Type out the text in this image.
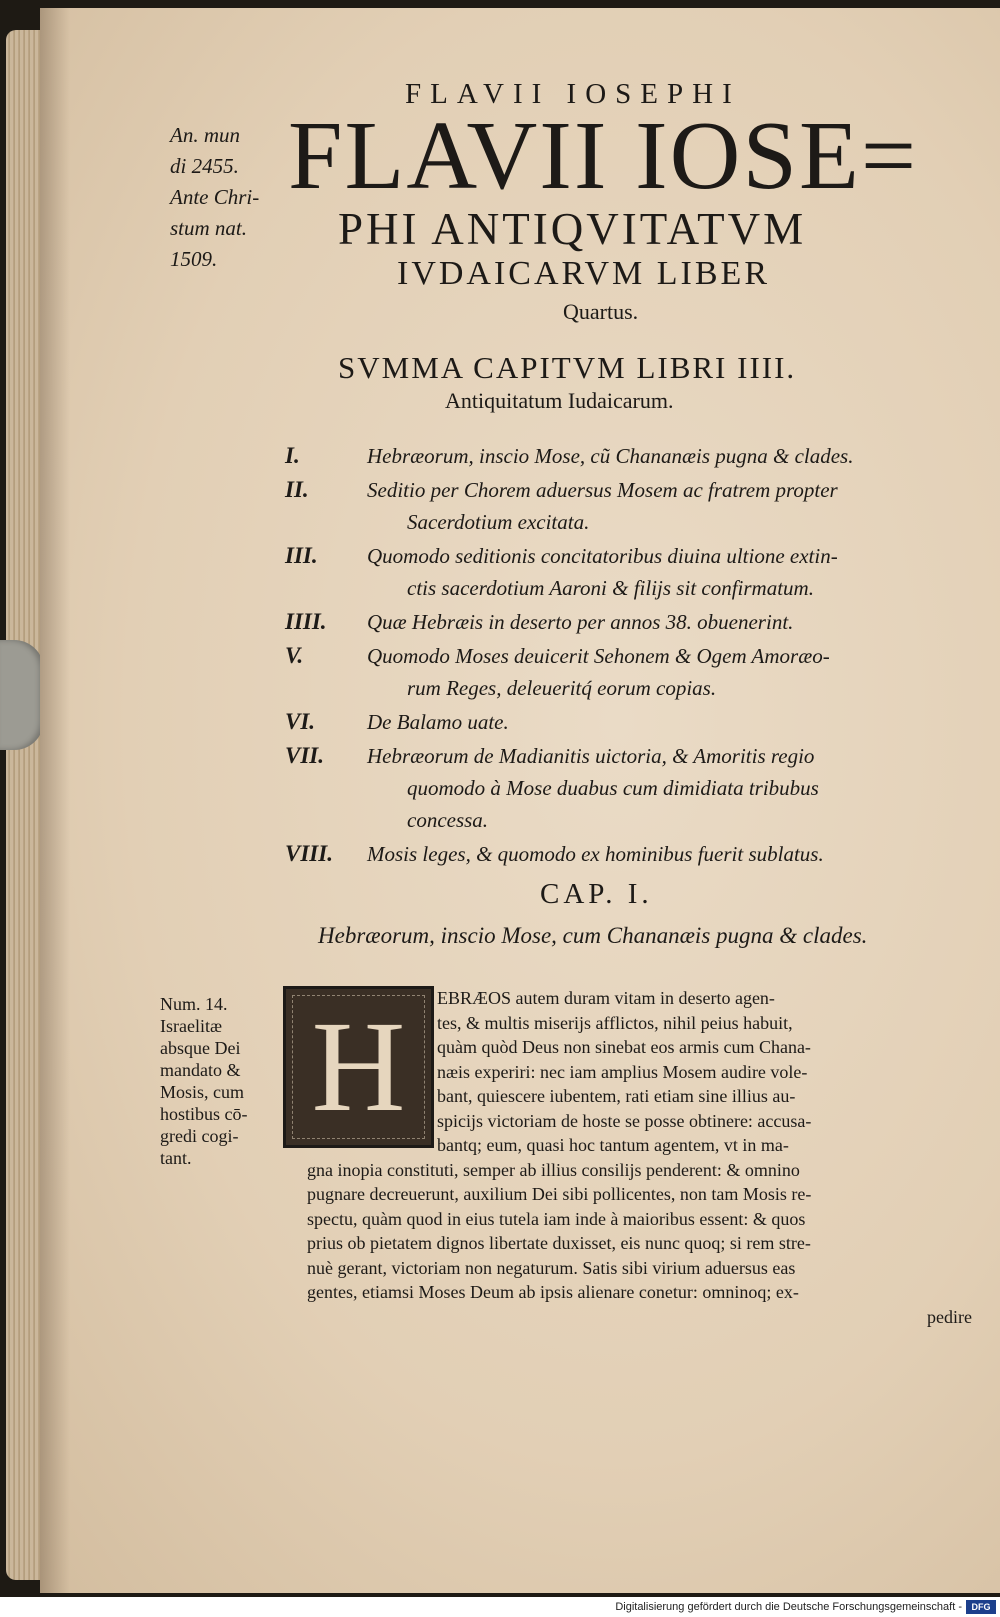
FLAVII IOSEPHI
An. mun
di 2455.
Ante Chri-
stum nat.
1509.
FLAVII IOSE=
PHI ANTIQVITATVM
IVDAICARVM LIBER
Quartus.
SVMMA CAPITVM LIBRI IIII.
Antiquitatum Iudaicarum.
I.	Hebræorum, inscio Mose, cũ Chananæis pugna & clades.
II.	Seditio per Chorem aduersus Mosem ac fratrem propter
Sacerdotium excitata.
III.	Quomodo seditionis concitatoribus diuina ultione extin-
ctis sacerdotium Aaroni & filijs sit confirmatum.
IIII.	Quæ Hebræis in deserto per annos 38. obuenerint.
V.	Quomodo Moses deuicerit Sehonem & Ogem Amoræo-
rum Reges, deleueritq́ eorum copias.
VI.	De Balamo uate.
VII.	Hebræorum de Madianitis uictoria, & Amoritis regio
quomodo à Mose duabus cum dimidiata tribubus
concessa.
VIII.	Mosis leges, & quomodo ex hominibus fuerit sublatus.
CAP. I.
Hebræorum, inscio Mose, cum Chananæis pugna & clades.
Num. 14.
Israelitæ
absque Dei
mandato &
Mosis, cum
hostibus cō-
gredi cogi-
tant.
H	EBRÆOS autem duram vitam in deserto agen-
tes, & multis miserijs afflictos, nihil peius habuit,
quàm quòd Deus non sinebat eos armis cum Chana-
næis experiri: nec iam amplius Mosem audire vole-
bant, quiescere iubentem, rati etiam sine illius au-
spicijs victoriam de hoste se posse obtinere: accusa-
bantq; eum, quasi hoc tantum agentem, vt in ma-
gna inopia constituti, semper ab illius consilijs penderent: & omnino
pugnare decreuerunt, auxilium Dei sibi pollicentes, non tam Mosis re-
spectu, quàm quod in eius tutela iam inde à maioribus essent: & quos
prius ob pietatem dignos libertate duxisset, eis nunc quoq; si rem stre-
nuè gerant, victoriam non negaturum. Satis sibi virium aduersus eas
gentes, etiamsi Moses Deum ab ipsis alienare conetur: omninoq; ex-
pedire
Digitalisierung gefördert durch die Deutsche Forschungsgemeinschaft -	DFG
